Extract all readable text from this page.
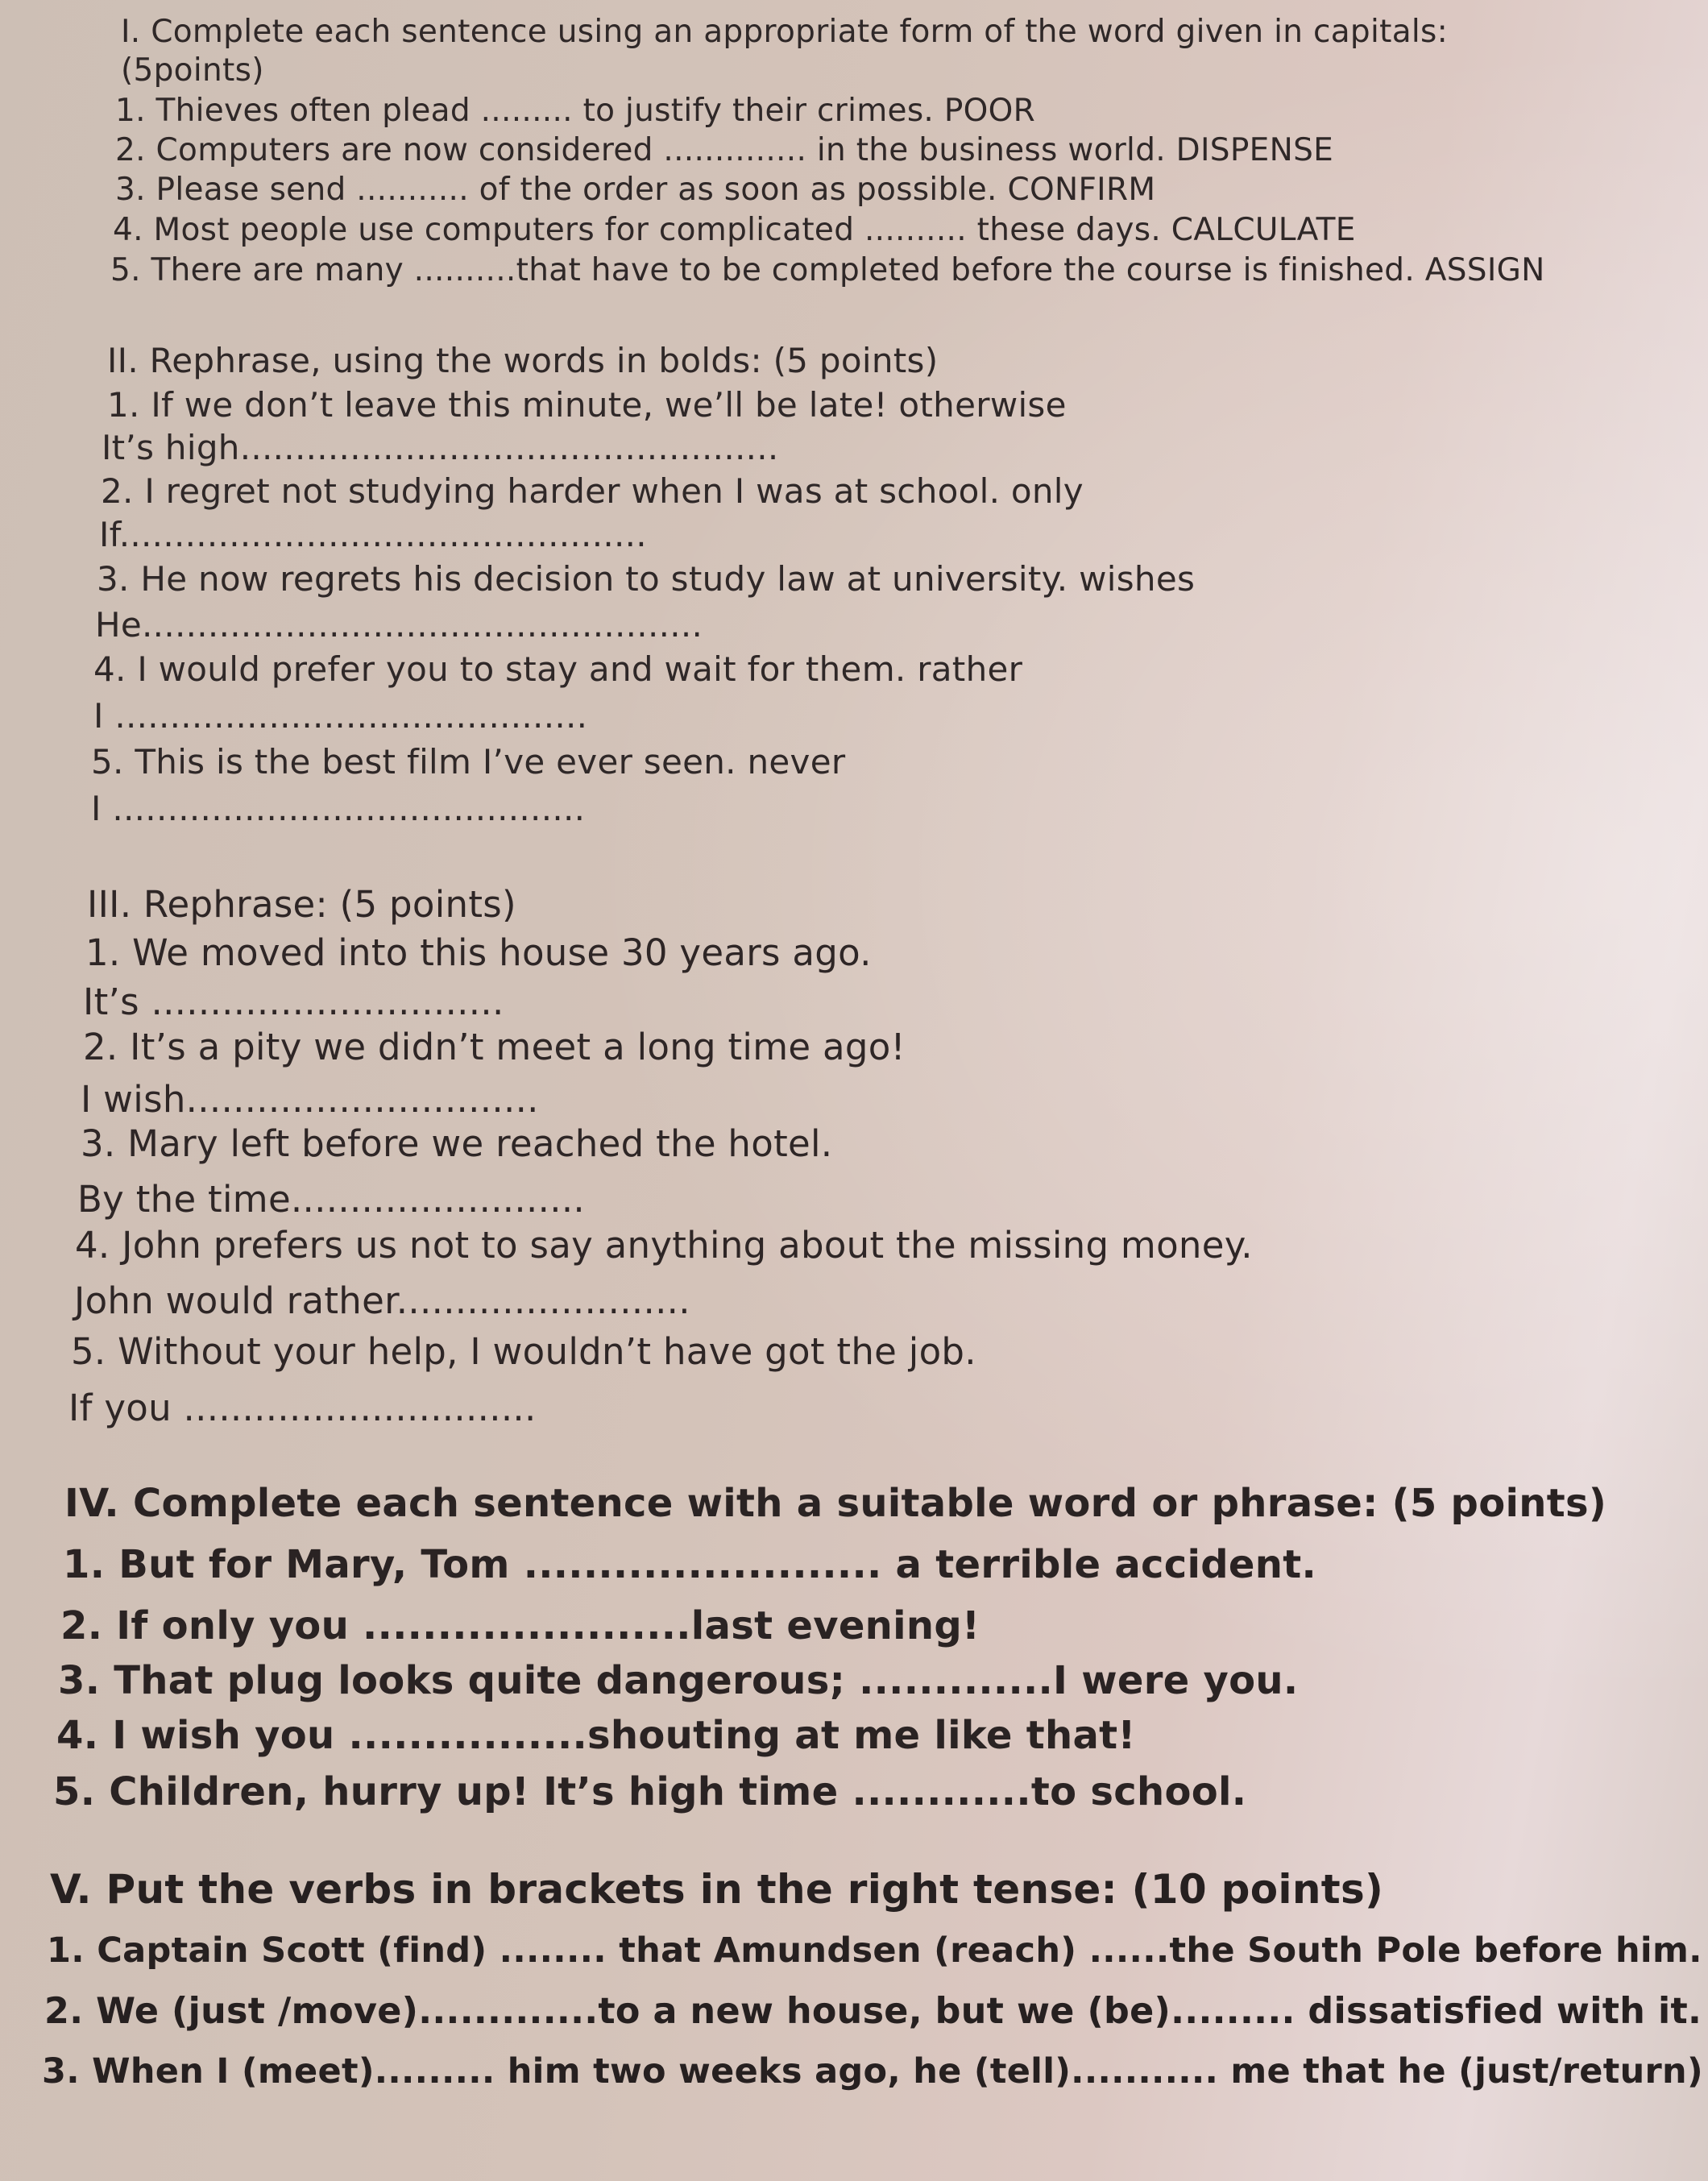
I. Complete each sentence using an appropriate form of the word given in capitals:
(5points)
1. Thieves often plead ......... to justify their crimes. POOR
2. Computers are now considered .............. in the business world. DISPENSE
3. Please send ........... of the order as soon as possible. CONFIRM
4. Most people use computers for complicated .......... these days. CALCULATE
5. There are many ..........that have to be completed before the course is finished. ASSIGN
II. Rephrase, using the words in bolds: (5 points)
1. If we don’t leave this minute, we’ll be late! otherwise
It’s high.................................................
2. I regret not studying harder when I was at school. only
If................................................
3. He now regrets his decision to study law at university. wishes
He...................................................
4. I would prefer you to stay and wait for them. rather
I ...........................................
5. This is the best film I’ve ever seen. never
I ...........................................
III. Rephrase: (5 points)
1. We moved into this house 30 years ago.
It’s ..............................
2. It’s a pity we didn’t meet a long time ago!
I wish..............................
3. Mary left before we reached the hotel.
By the time.........................
4. John prefers us not to say anything about the missing money.
John would rather.........................
5. Without your help, I wouldn’t have got the job.
If you ..............................
IV. Complete each sentence with a suitable word or phrase: (5 points)
1. But for Mary, Tom ........................ a terrible accident.
2. If only you ......................last evening!
3. That plug looks quite dangerous; .............I were you.
4. I wish you ................shouting at me like that!
5. Children, hurry up! It’s high time ............to school.
V. Put the verbs in brackets in the right tense: (10 points)
1. Captain Scott (find) ........ that Amundsen (reach) ......the South Pole before him.
2. We (just /move).............to a new house, but we (be)......... dissatisfied with it.
3. When I (meet)......... him two weeks ago, he (tell)........... me that he (just/return)
